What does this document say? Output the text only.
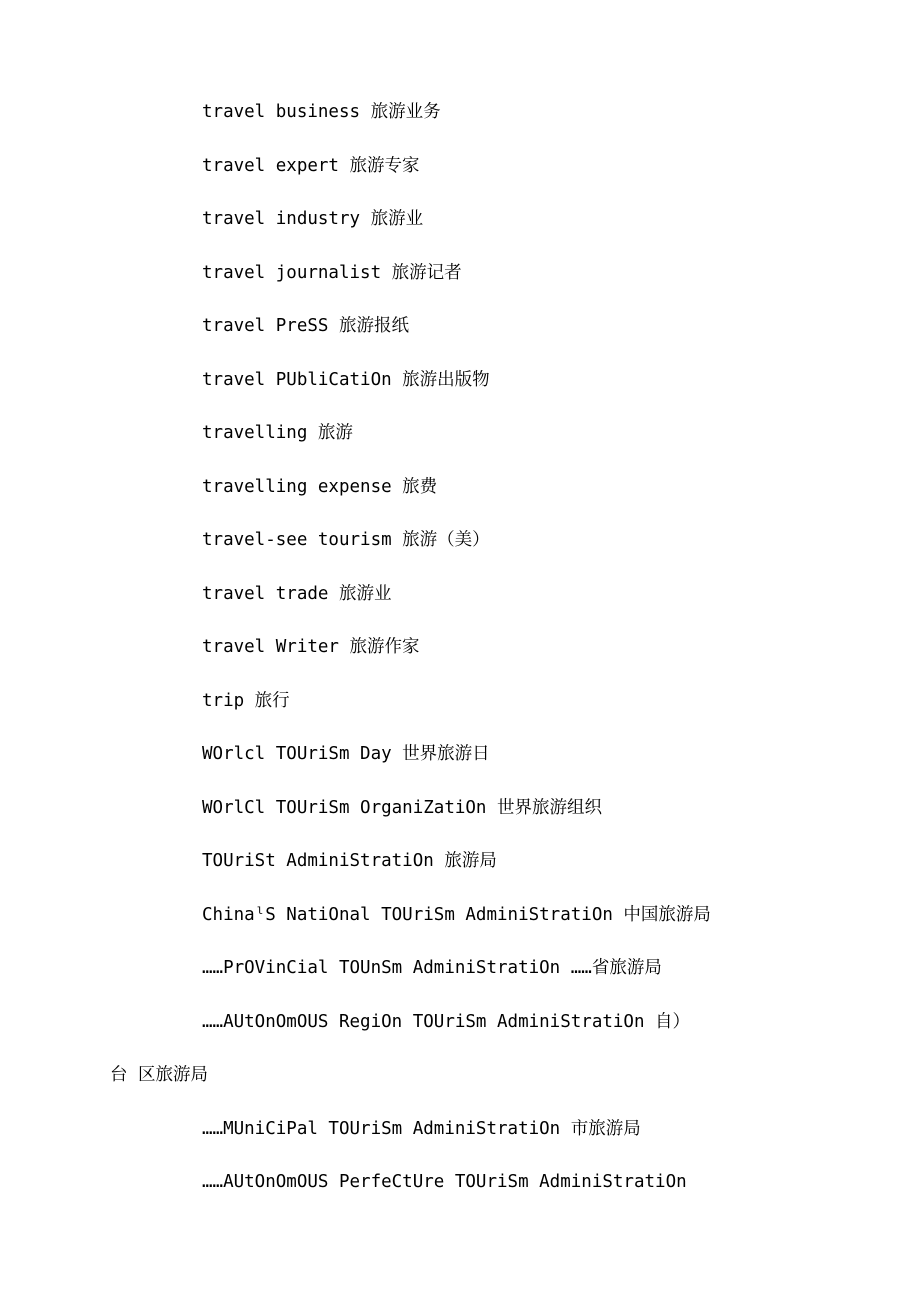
travel business 旅游业务
travel expert 旅游专家
travel industry 旅游业
travel journalist 旅游记者
travel PreSS 旅游报纸
travel PUbliCatiOn 旅游出版物
travelling 旅游
travelling expense 旅费
travel-see tourism 旅游（美）
travel trade 旅游业
travel Writer 旅游作家
trip 旅行
WOrlcl TOUriSm Day 世界旅游日
WOrlCl TOUriSm OrganiZatiOn 世界旅游组织
TOUriSt AdminiStratiOn 旅游局
ChinaˡS NatiOnal TOUriSm AdminiStratiOn 中国旅游局
……PrOVinCial TOUnSm AdminiStratiOn ……省旅游局
……AUtOnOmOUS RegiOn TOUriSm AdminiStratiOn 自）
台 区旅游局
……MUniCiPal TOUriSm AdminiStratiOn 市旅游局
……AUtOnOmOUS PerfeCtUre TOUriSm AdminiStratiOn
